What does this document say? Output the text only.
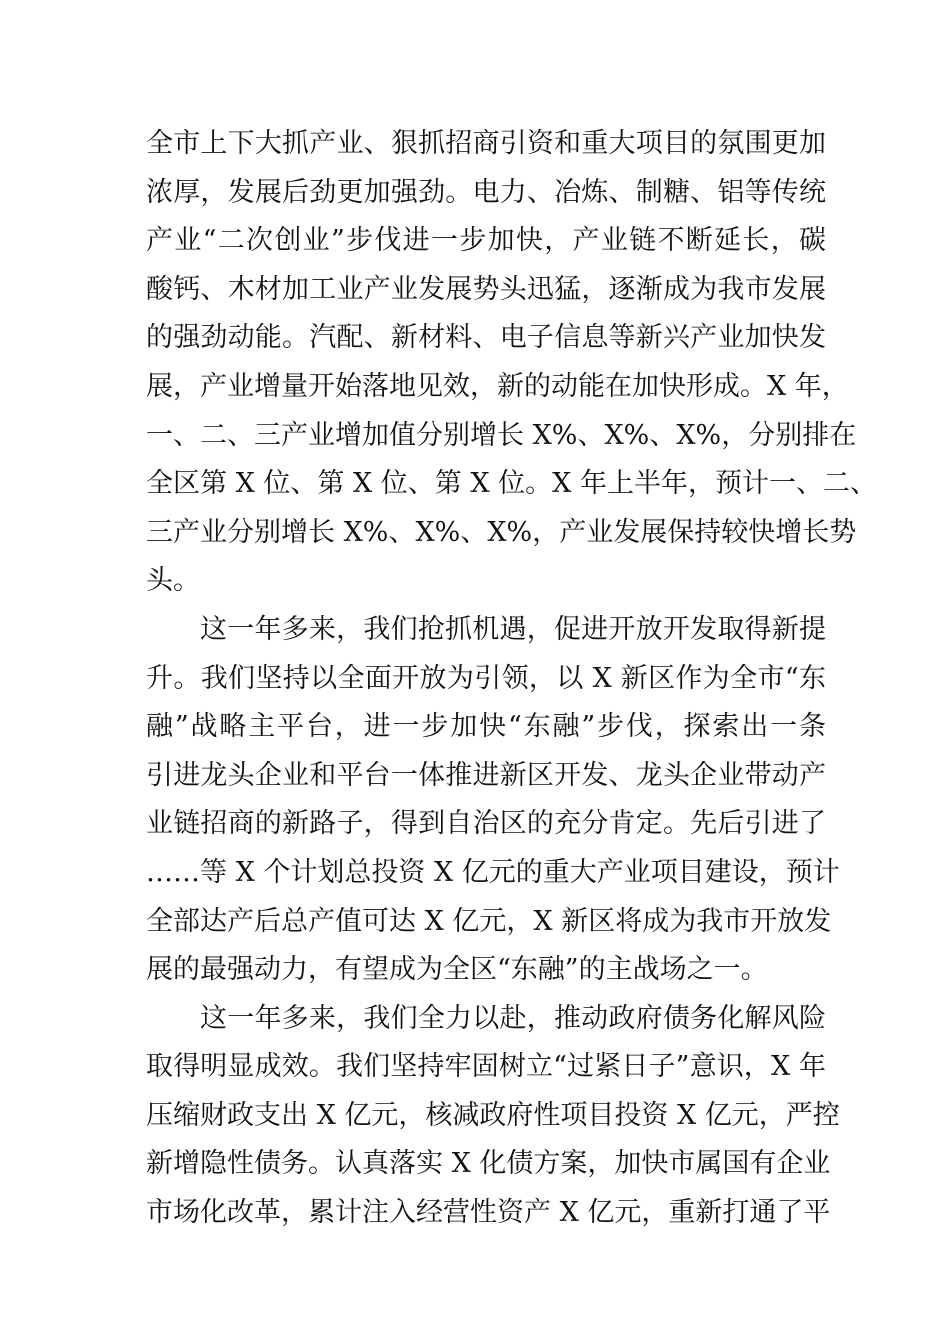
全市上下大抓产业、狠抓招商引资和重大项目的氛围更加
浓厚，发展后劲更加强劲。电力、冶炼、制糖、铝等传统
产业“二次创业”步伐进一步加快，产业链不断延长，碳
酸钙、木材加工业产业发展势头迅猛，逐渐成为我市发展
的强劲动能。汽配、新材料、电子信息等新兴产业加快发
展，产业增量开始落地见效，新的动能在加快形成。X 年，
一、二、三产业增加值分别增长 X%、X%、X%，分别排在
全区第 X 位、第 X 位、第 X 位。X 年上半年，预计一、二、
三产业分别增长 X%、X%、X%，产业发展保持较快增长势
头。
这一年多来，我们抢抓机遇，促进开放开发取得新提
升。我们坚持以全面开放为引领，以 X 新区作为全市“东
融”战略主平台，进一步加快“东融”步伐，探索出一条
引进龙头企业和平台一体推进新区开发、龙头企业带动产
业链招商的新路子，得到自治区的充分肯定。先后引进了
……等 X 个计划总投资 X 亿元的重大产业项目建设，预计
全部达产后总产值可达 X 亿元，X 新区将成为我市开放发
展的最强动力，有望成为全区“东融”的主战场之一。
这一年多来，我们全力以赴，推动政府债务化解风险
取得明显成效。我们坚持牢固树立“过紧日子”意识，X 年
压缩财政支出 X 亿元，核减政府性项目投资 X 亿元，严控
新增隐性债务。认真落实 X 化债方案，加快市属国有企业
市场化改革，累计注入经营性资产 X 亿元，重新打通了平
